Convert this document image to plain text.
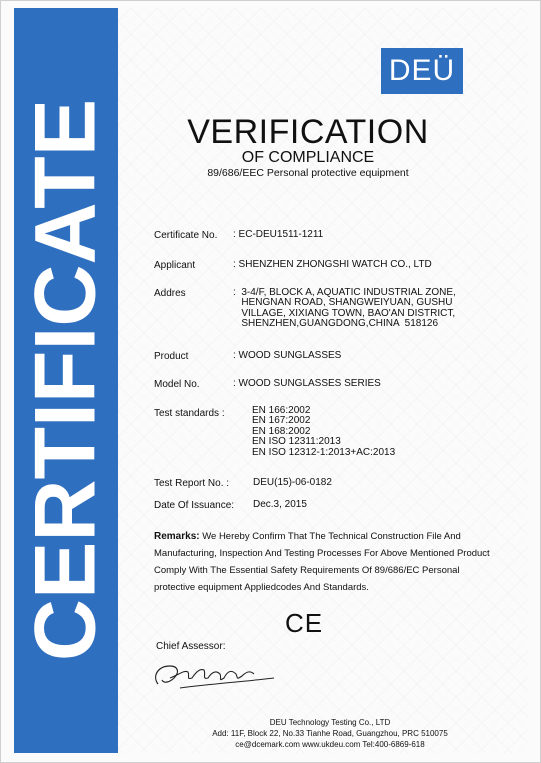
CERTIFICATE
DEÜ
VERIFICATION
OF COMPLIANCE
89/686/EEC Personal protective equipment
Certificate No. : EC-DEU1511-1211
Applicant	: SHENZHEN ZHONGSHI WATCH CO., LTD
Addres	:  3-4/F, BLOCK A, AQUATIC INDUSTRIAL ZONE,
HENGNAN ROAD, SHANGWEIYUAN, GUSHU
VILLAGE, XIXIANG TOWN, BAO'AN DISTRICT,
SHENZHEN,GUANGDONG,CHINA  518126
Product	: WOOD SUNGLASSES
Model No.	: WOOD SUNGLASSES SERIES
Test standards :	EN 166:2002
EN 167:2002
EN 168:2002
EN ISO 12311:2013
EN ISO 12312-1:2013+AC:2013
Test Report No. : DEU(15)-06-0182
Date Of Issuance: Dec.3, 2015
Remarks: We Hereby Confirm That The Technical Construction File And Manufacturing, Inspection And Testing Processes For Above Mentioned Product Comply With The Essential Safety Requirements Of 89/686/EC Personal protective equipment Appliedcodes And Standards.
CE
Chief Assessor:
DEU Technology Testing Co., LTD
Add: 11F, Block 22, No.33 Tianhe Road, Guangzhou, PRC 510075
ce@dcemark.com www.ukdeu.com Tel:400-6869-618
